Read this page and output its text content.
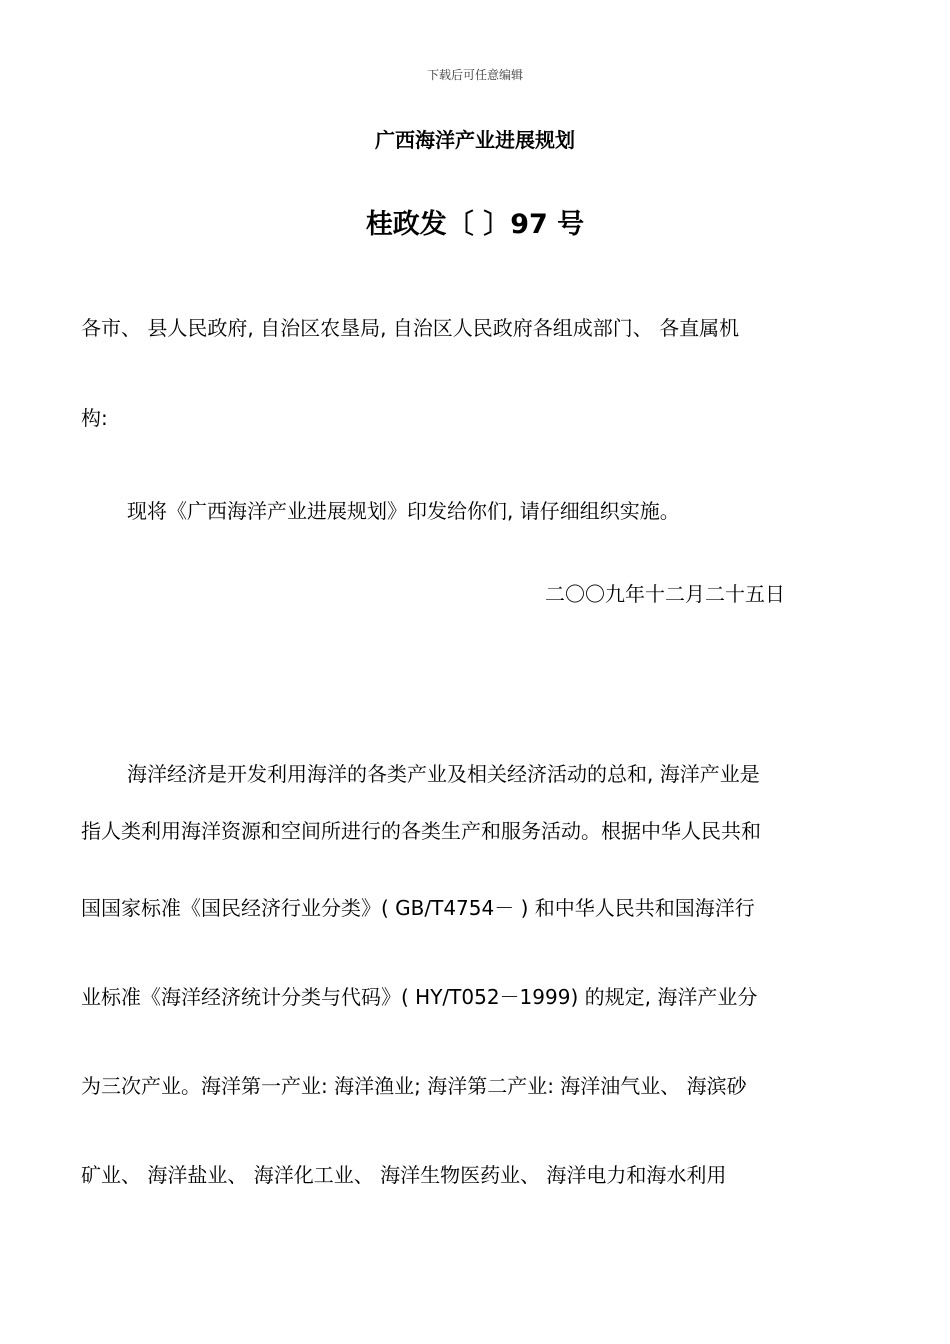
下载后可任意编辑
广西海洋产业进展规划
桂政发〔 〕97 号
各市、 县人民政府, 自治区农垦局, 自治区人民政府各组成部门、 各直属机
构:
现将《广西海洋产业进展规划》印发给你们, 请仔细组织实施。
二〇〇九年十二月二十五日
海洋经济是开发利用海洋的各类产业及相关经济活动的总和, 海洋产业是
指人类利用海洋资源和空间所进行的各类生产和服务活动。根据中华人民共和
国国家标准《国民经济行业分类》( GB/T4754－ ) 和中华人民共和国海洋行
业标准《海洋经济统计分类与代码》( HY/T052－1999) 的规定, 海洋产业分
为三次产业。海洋第一产业: 海洋渔业; 海洋第二产业: 海洋油气业、 海滨砂
矿业、 海洋盐业、 海洋化工业、 海洋生物医药业、 海洋电力和海水利用
